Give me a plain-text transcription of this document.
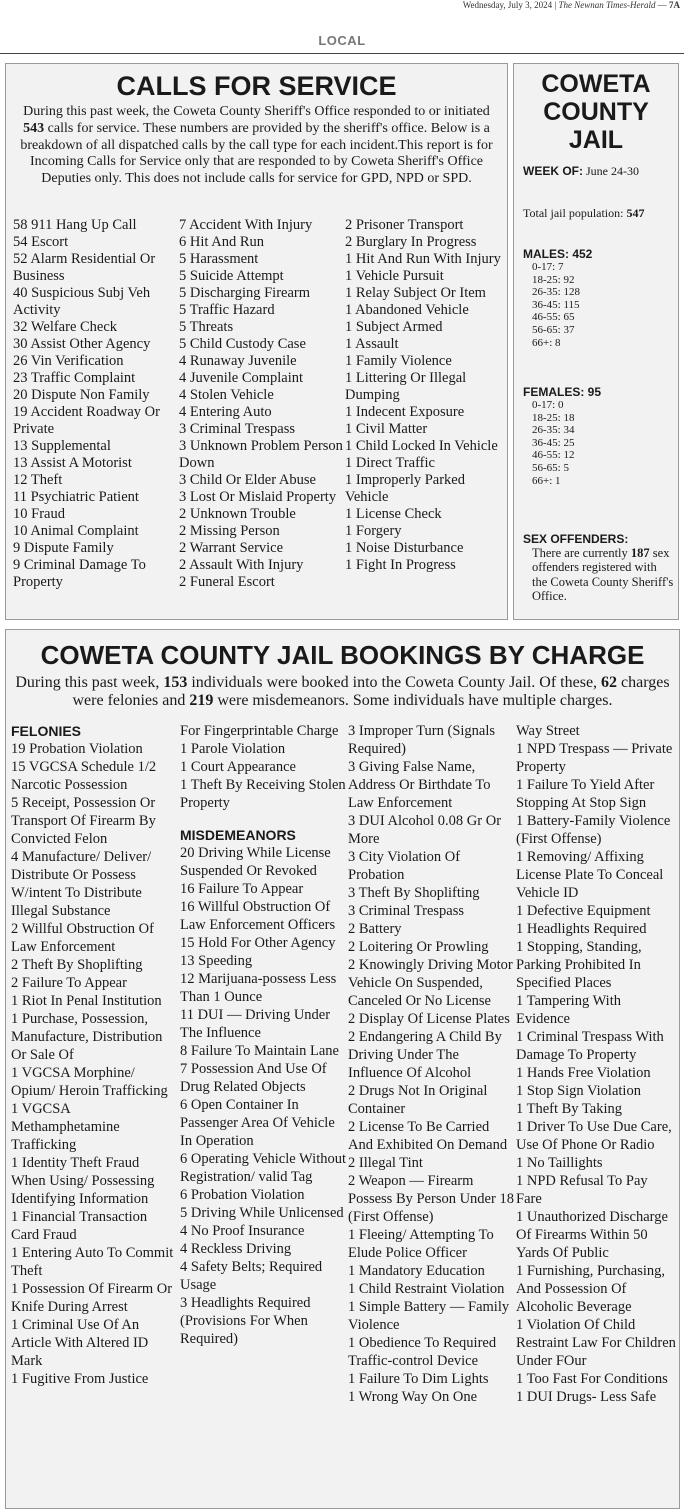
Wednesday, July 3, 2024 | The Newnan Times-Herald — 7A
LOCAL
CALLS FOR SERVICE

During this past week, the Coweta County Sheriff's Office responded to or initiated 543 calls for service. These numbers are provided by the sheriff's office. Below is a breakdown of all dispatched calls by the call type for each incident.This report is for Incoming Calls for Service only that are responded to by Coweta Sheriff's Office Deputies only. This does not include calls for service for GPD, NPD or SPD.

58 911 Hang Up Call
54 Escort
52 Alarm Residential Or Business
40 Suspicious Subj Veh Activity
32 Welfare Check
30 Assist Other Agency
26 Vin Verification
23 Traffic Complaint
20 Dispute Non Family
19 Accident Roadway Or Private
13 Supplemental
13 Assist A Motorist
12 Theft
11 Psychiatric Patient
10 Fraud
10 Animal Complaint
9 Dispute Family
9 Criminal Damage To Property
7 Accident With Injury
6 Hit And Run
5 Harassment
5 Suicide Attempt
5 Discharging Firearm
5 Traffic Hazard
5 Threats
5 Child Custody Case
4 Runaway Juvenile
4 Juvenile Complaint
4 Stolen Vehicle
4 Entering Auto
3 Criminal Trespass
3 Unknown Problem Person Down
3 Child Or Elder Abuse
3 Lost Or Mislaid Property
2 Unknown Trouble
2 Missing Person
2 Warrant Service
2 Assault With Injury
2 Funeral Escort
2 Prisoner Transport
2 Burglary In Progress
1 Hit And Run With Injury
1 Vehicle Pursuit
1 Relay Subject Or Item
1 Abandoned Vehicle
1 Subject Armed
1 Assault
1 Family Violence
1 Littering Or Illegal Dumping
1 Indecent Exposure
1 Civil Matter
1 Child Locked In Vehicle
1 Direct Traffic
1 Improperly Parked Vehicle
1 License Check
1 Forgery
1 Noise Disturbance
1 Fight In Progress
COWETA
COUNTY
JAIL
WEEK OF: June 24-30
Total jail population: 547
MALES: 452
0-17: 7
18-25: 92
26-35: 128
36-45: 115
46-55: 65
56-65: 37
66+: 8
FEMALES: 95
0-17: 0
18-25: 18
26-35: 34
36-45: 25
46-55: 12
56-65: 5
66+: 1
SEX OFFENDERS:
There are currently 187 sex offenders registered with the Coweta County Sheriff's Office.
COWETA COUNTY JAIL BOOKINGS BY CHARGE

During this past week, 153 individuals were booked into the Coweta County Jail. Of these, 62 charges were felonies and 219 were misdemeanors. Some individuals have multiple charges.

FELONIES
19 Probation Violation
15 VGCSA Schedule 1/2 Narcotic Possession
5 Receipt, Possession Or Transport Of Firearm By Convicted Felon
4 Manufacture/ Deliver/ Distribute Or Possess W/intent To Distribute Illegal Substance
2 Willful Obstruction Of Law Enforcement
2 Theft By Shoplifting
2 Failure To Appear
1 Riot In Penal Institution
1 Purchase, Possession, Manufacture, Distribution Or Sale Of
1 VGCSA Morphine/ Opium/ Heroin Trafficking
1 VGCSA Methamphetamine Trafficking
1 Identity Theft Fraud When Using/ Possessing Identifying Information
1 Financial Transaction Card Fraud
1 Entering Auto To Commit Theft
1 Possession Of Firearm Or Knife During Arrest
1 Criminal Use Of An Article With Altered ID Mark
1 Fugitive From Justice
For Fingerprintable Charge
1 Parole Violation
1 Court Appearance
1 Theft By Receiving Stolen Property
MISDEMEANORS
20 Driving While License Suspended Or Revoked
16 Failure To Appear
16 Willful Obstruction Of Law Enforcement Officers
15 Hold For Other Agency
13 Speeding
12 Marijuana-possess Less Than 1 Ounce
11 DUI — Driving Under The Influence
8 Failure To Maintain Lane
7 Possession And Use Of Drug Related Objects
6 Open Container In Passenger Area Of Vehicle In Operation
6 Operating Vehicle Without Registration/ valid Tag
6 Probation Violation
5 Driving While Unlicensed
4 No Proof Insurance
4 Reckless Driving
4 Safety Belts; Required Usage
3 Headlights Required (Provisions For When Required)
3 Improper Turn (Signals Required)
3 Giving False Name, Address Or Birthdate To Law Enforcement
3 DUI Alcohol 0.08 Gr Or More
3 City Violation Of Probation
3 Theft By Shoplifting
3 Criminal Trespass
2 Battery
2 Loitering Or Prowling
2 Knowingly Driving Motor Vehicle On Suspended, Canceled Or No License
2 Display Of License Plates
2 Endangering A Child By Driving Under The Influence Of Alcohol
2 Drugs Not In Original Container
2 License To Be Carried And Exhibited On Demand
2 Illegal Tint
2 Weapon — Firearm Possess By Person Under 18 (First Offense)
1 Fleeing/ Attempting To Elude Police Officer
1 Mandatory Education
1 Child Restraint Violation
1 Simple Battery — Family Violence
1 Obedience To Required Traffic-control Device
1 Failure To Dim Lights
1 Wrong Way On One
Way Street
1 NPD Trespass — Private Property
1 Failure To Yield After Stopping At Stop Sign
1 Battery-Family Violence (First Offense)
1 Removing/ Affixing License Plate To Conceal Vehicle ID
1 Defective Equipment
1 Headlights Required
1 Stopping, Standing, Parking Prohibited In Specified Places
1 Tampering With Evidence
1 Criminal Trespass With Damage To Property
1 Hands Free Violation
1 Stop Sign Violation
1 Theft By Taking
1 Driver To Use Due Care, Use Of Phone Or Radio
1 No Taillights
1 NPD Refusal To Pay Fare
1 Unauthorized Discharge Of Firearms Within 50 Yards Of Public
1 Furnishing, Purchasing, And Possession Of Alcoholic Beverage
1 Violation Of Child Restraint Law For Children Under FOur
1 Too Fast For Conditions
1 DUI Drugs- Less Safe
